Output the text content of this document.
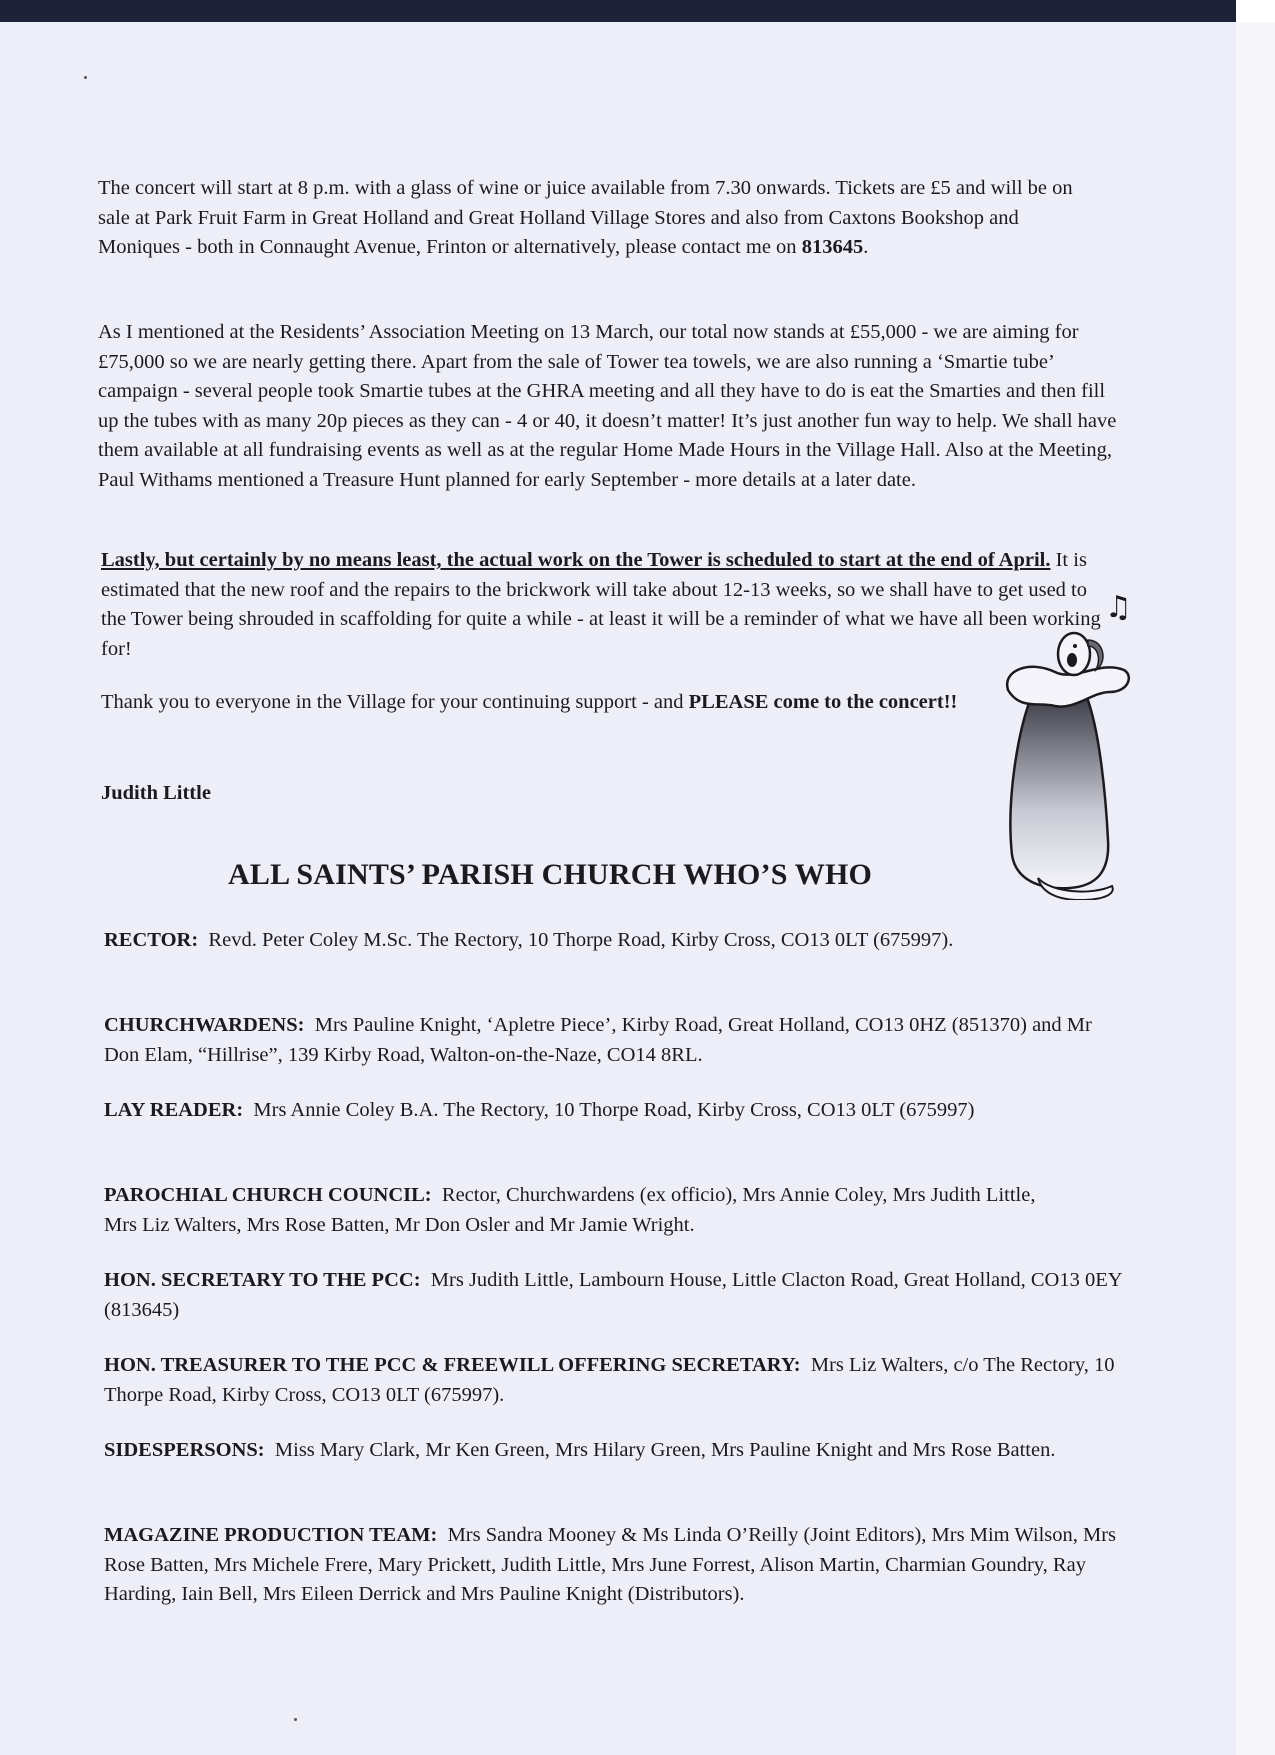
The concert will start at 8 p.m. with a glass of wine or juice available from 7.30 onwards. Tickets are £5 and will be on sale at Park Fruit Farm in Great Holland and Great Holland Village Stores and also from Caxtons Bookshop and Moniques - both in Connaught Avenue, Frinton or alternatively, please contact me on 813645.

As I mentioned at the Residents’ Association Meeting on 13 March, our total now stands at £55,000 - we are aiming for £75,000 so we are nearly getting there. Apart from the sale of Tower tea towels, we are also running a ‘Smartie tube’ campaign - several people took Smartie tubes at the GHRA meeting and all they have to do is eat the Smarties and then fill up the tubes with as many 20p pieces as they can - 4 or 40, it doesn’t matter! It’s just another fun way to help. We shall have them available at all fundraising events as well as at the regular Home Made Hours in the Village Hall. Also at the Meeting, Paul Withams mentioned a Treasure Hunt planned for early September - more details at a later date.

Lastly, but certainly by no means least, the actual work on the Tower is scheduled to start at the end of April. It is estimated that the new roof and the repairs to the brickwork will take about 12-13 weeks, so we shall have to get used to the Tower being shrouded in scaffolding for quite a while - at least it will be a reminder of what we have all been working for!

Thank you to everyone in the Village for your continuing support - and PLEASE come to the concert!!

Judith Little

♫
ALL SAINTS’ PARISH CHURCH WHO’S WHO

RECTOR: Revd. Peter Coley M.Sc. The Rectory, 10 Thorpe Road, Kirby Cross, CO13 0LT (675997).

CHURCHWARDENS: Mrs Pauline Knight, ‘Apletre Piece’, Kirby Road, Great Holland, CO13 0HZ (851370) and Mr Don Elam, “Hillrise”, 139 Kirby Road, Walton-on-the-Naze, CO14 8RL.

LAY READER: Mrs Annie Coley B.A. The Rectory, 10 Thorpe Road, Kirby Cross, CO13 0LT (675997)

PAROCHIAL CHURCH COUNCIL: Rector, Churchwardens (ex officio), Mrs Annie Coley, Mrs Judith Little, Mrs Liz Walters, Mrs Rose Batten, Mr Don Osler and Mr Jamie Wright.

HON. SECRETARY TO THE PCC: Mrs Judith Little, Lambourn House, Little Clacton Road, Great Holland, CO13 0EY (813645)

HON. TREASURER TO THE PCC & FREEWILL OFFERING SECRETARY: Mrs Liz Walters, c/o The Rectory, 10 Thorpe Road, Kirby Cross, CO13 0LT (675997).

SIDESPERSONS: Miss Mary Clark, Mr Ken Green, Mrs Hilary Green, Mrs Pauline Knight and Mrs Rose Batten.

MAGAZINE PRODUCTION TEAM: Mrs Sandra Mooney & Ms Linda O’Reilly (Joint Editors), Mrs Mim Wilson, Mrs Rose Batten, Mrs Michele Frere, Mary Prickett, Judith Little, Mrs June Forrest, Alison Martin, Charmian Goundry, Ray Harding, Iain Bell, Mrs Eileen Derrick and Mrs Pauline Knight (Distributors).
